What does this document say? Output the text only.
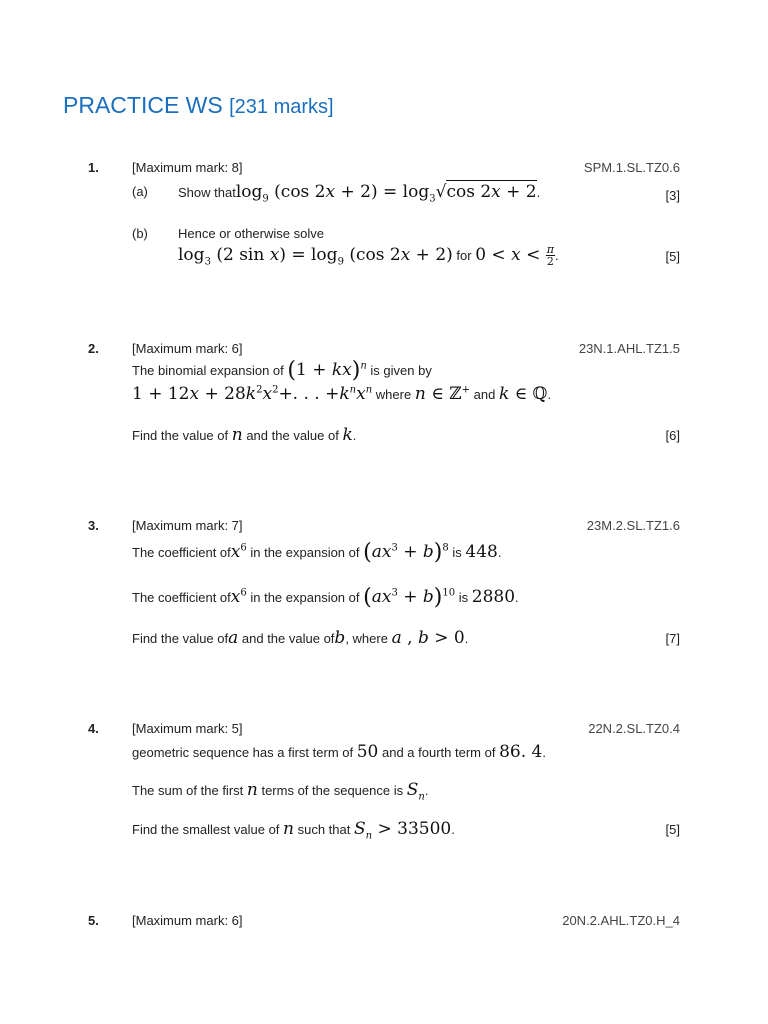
PRACTICE WS [231 marks]
1.	[Maximum mark: 8]	SPM.1.SL.TZ0.6
(a) Show thatlog$_9$ (cos $2x + 2) = \log_3√\cos$ 2x + 2.	[3]
(b) Hence or otherwise solve
$\log_3 (2$ $\sin x) = \log_9 (\cos$ 2x + 2) for $0 < x < \frac{\pi}{2}$ .	[5]
2.	[Maximum mark: 6]	23N.1.AHL.TZ1.5
The binomial expansion of (1 + kx)$^n$ is given by
$1 + 12x + 28k^2x^2+$. . . $+k^nx^n$ where n ∈ ℤ+ and k ∈ ℚ.
Find the value of n and the value of k.	[6]
3.	[Maximum mark: 7]	23M.2.SL.TZ1.6
The coefficient ofx$^6$ in the expansion of $(ax^3 + b)^8$ is 448.
The coefficient ofx$^6$ in the expansion of $(ax^3 + b)^{10}$ is 2880.
Find the value ofa and the value ofb, where a , b > 0.	[7]
4.	[Maximum mark: 5]	22N.2.SL.TZ0.4
geometric sequence has a first term of 50 and a fourth term of 86. 4.
The sum of the first n terms of the sequence is $S_n$.
Find the smallest value of n such that $S_n > 33500$.	[5]
5.	[Maximum mark: 6]	20N.2.AHL.TZ0.H_4
